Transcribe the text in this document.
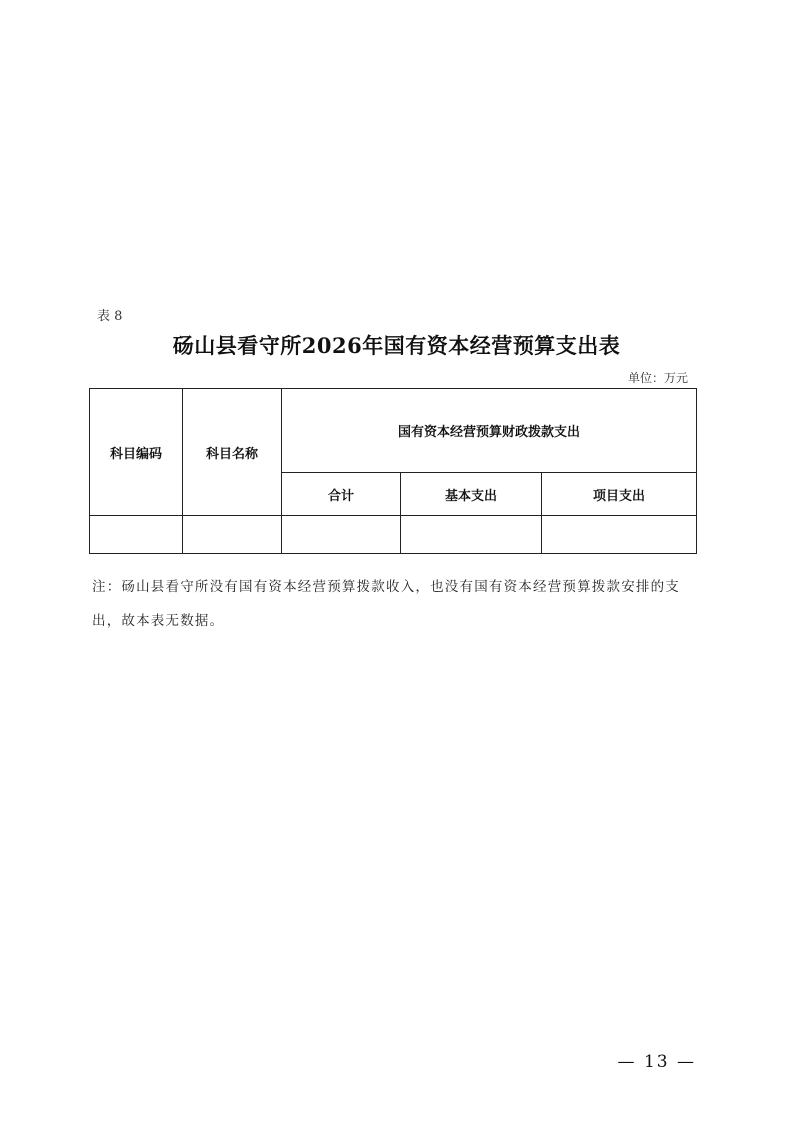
表 8
砀山县看守所2026年国有资本经营预算支出表
单位：万元
科目编码	科目名称	国有资本经营预算财政拨款支出		
		合计	基本支出	项目支出

注：砀山县看守所没有国有资本经营预算拨款收入，也没有国有资本经营预算拨款安排的支出，故本表无数据。
— 13 —
